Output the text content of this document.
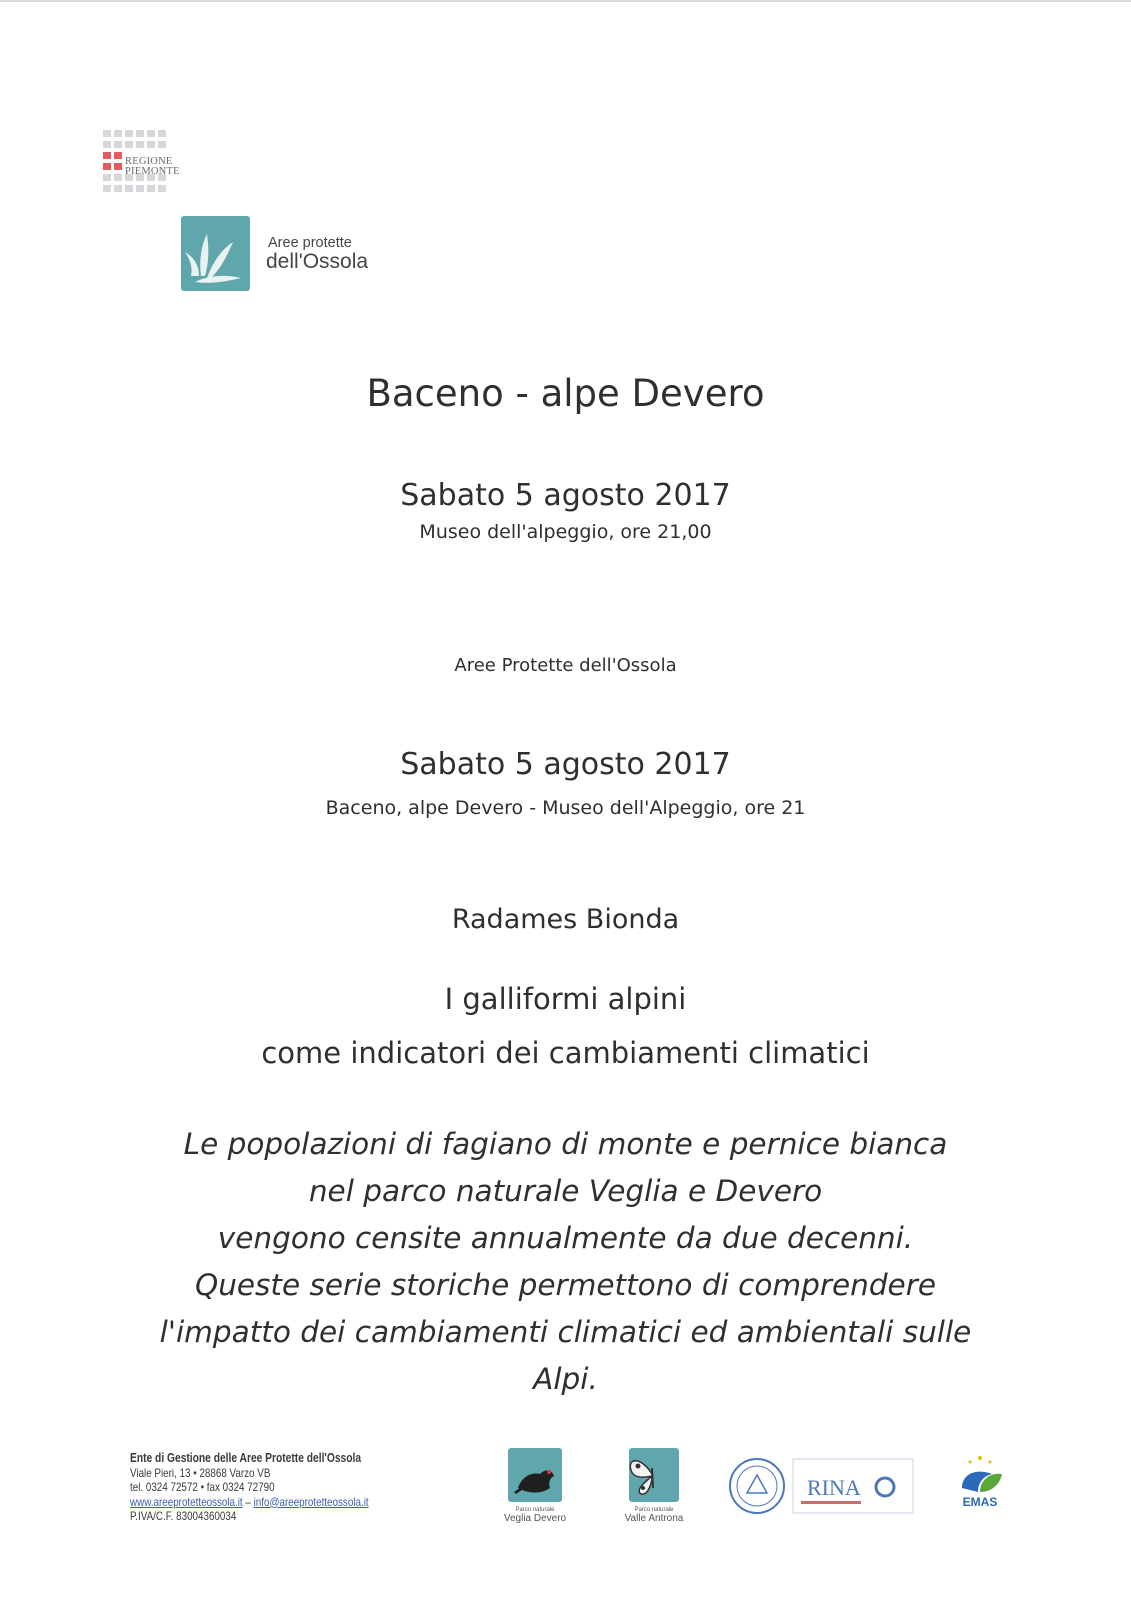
REGIONE
PIEMONTE
Aree protette
dell'Ossola
Baceno - alpe Devero
Sabato 5 agosto 2017
Museo dell'alpeggio, ore 21,00
Aree Protette dell'Ossola
Sabato 5 agosto 2017
Baceno, alpe Devero - Museo dell'Alpeggio, ore 21
Radames Bionda
I galliformi alpini
come indicatori dei cambiamenti climatici
Le popolazioni di fagiano di monte e pernice bianca
nel parco naturale Veglia e Devero
vengono censite annualmente da due decenni.
Queste serie storiche permettono di comprendere
l'impatto dei cambiamenti climatici ed ambientali sulle
Alpi.
Ente di Gestione delle Aree Protette dell'Ossola
Viale Pieri, 13 • 28868 Varzo VB
tel. 0324 72572 • fax 0324 72790
www.areeprotetteossola.it – info@areeprotetteossola.it
P.IVA/C.F. 83004360034	Parco naturale
Veglia Devero
Parco naturale
Valle Antrona
RINA
EMAS
